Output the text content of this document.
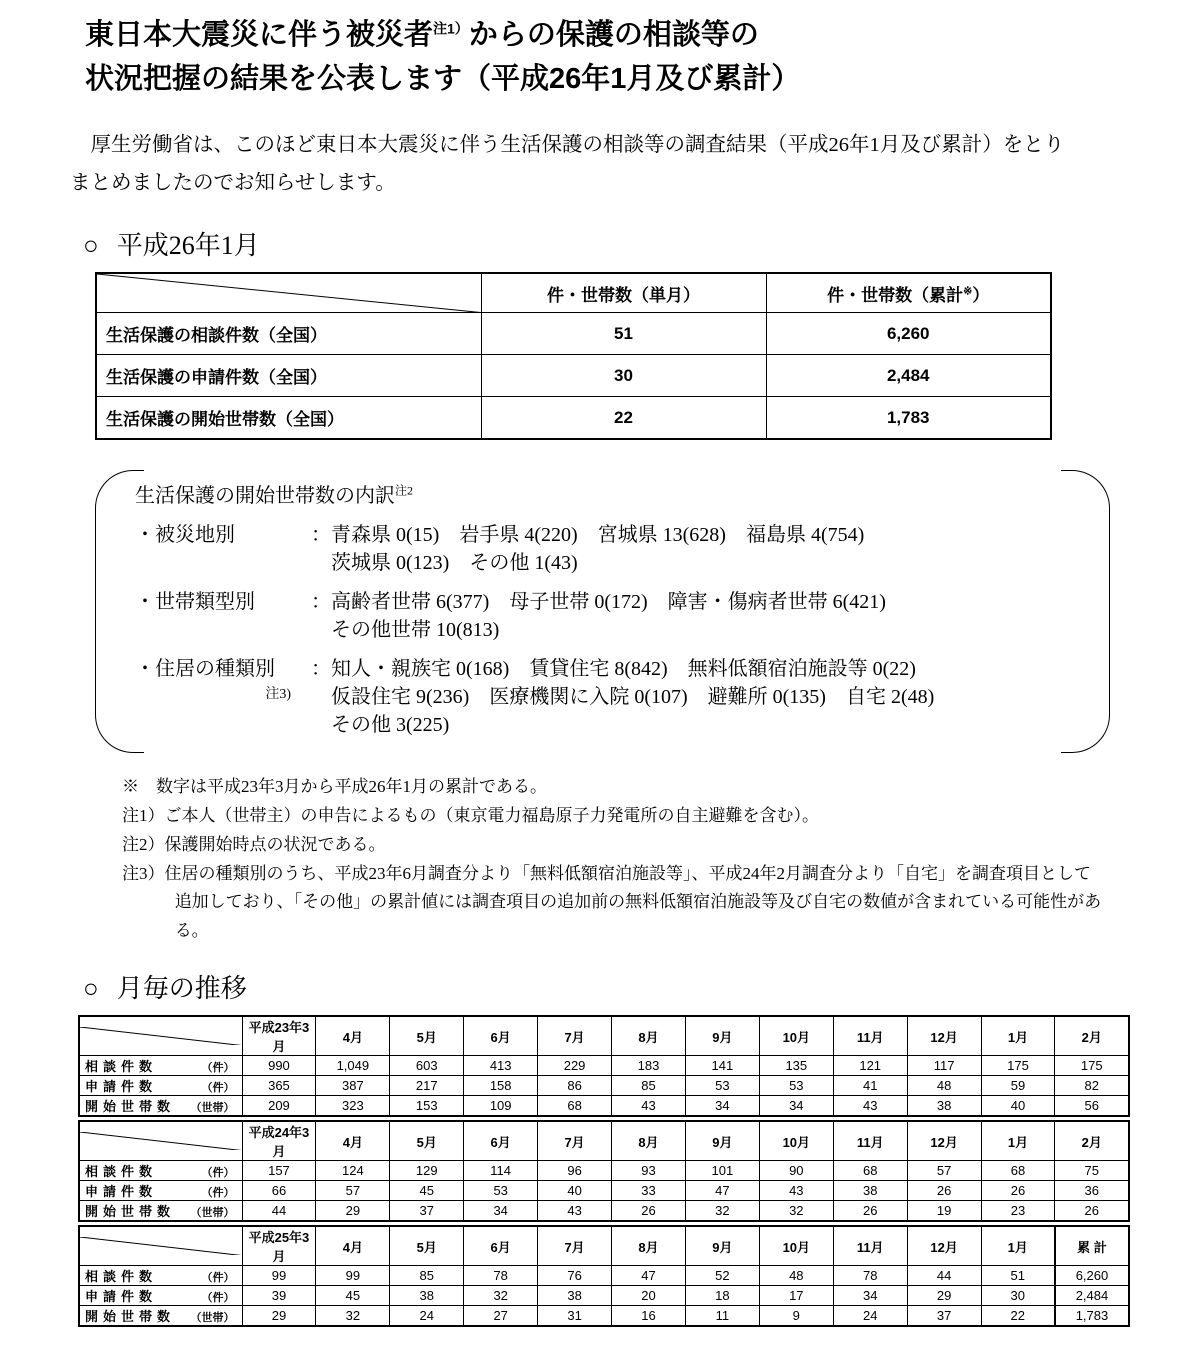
東日本大震災に伴う被災者$^{注1)}$からの保護の相談等の
状況把握の結果を公表します（平成26年1月及び累計）

　厚生労働省は、このほど東日本大震災に伴う生活保護の相談等の調査結果（平成26年1月及び累計）をとりまとめましたのでお知らせします。

○ 平成26年1月
	件・世帯数（単月）	件・世帯数（累計※）
生活保護の相談件数（全国）	51	6,260
生活保護の申請件数（全国）	30	2,484
生活保護の開始世帯数（全国）	22	1,783
生活保護の開始世帯数の内訳$^{注2}$
・被災地別	：青森県 0(15)　岩手県 4(220)　宮城県 13(628)　福島県 4(754)
茨城県 0(123)　その他 1(43)
・世帯類型別	：高齢者世帯 6(377)　母子世帯 0(172)　障害・傷病者世帯 6(421)
その他世帯 10(813)
・住居の種類別
注3)
：知人・親族宅 0(168)　賃貸住宅 8(842)　無料低額宿泊施設等 0(22)
仮設住宅 9(236)　医療機関に入院 0(107)　避難所 0(135)　自宅 2(48)
その他 3(225)
※　数字は平成23年3月から平成26年1月の累計である。
注1）ご本人（世帯主）の申告によるもの（東京電力福島原子力発電所の自主避難を含む）。
注2）保護開始時点の状況である。
注3）住居の種類別のうち、平成23年6月調査分より「無料低額宿泊施設等」、平成24年2月調査分より「自宅」を調査項目として追加しており、「その他」の累計値には調査項目の追加前の無料低額宿泊施設等及び自宅の数値が含まれている可能性がある。
○ 月毎の推移
	平成23年3月	4月	5月	6月	7月	8月	9月	10月	11月	12月	1月	2月

相談件数 （件）	990	1,049	603	413	229	183	141	135	121	117	175	175

申請件数 （件）	365	387	217	158	86	85	53	53	41	48	59	82

開始世帯数 （世帯）	209	323	153	109	68	43	34	34	43	38	40	56
	平成24年3月	4月	5月	6月	7月	8月	9月	10月	11月	12月	1月	2月

相談件数 （件）	157	124	129	114	96	93	101	90	68	57	68	75

申請件数 （件）	66	57	45	53	40	33	47	43	38	26	26	36

開始世帯数 （世帯）	44	29	37	34	43	26	32	32	26	19	23	26
	平成25年3月	4月	5月	6月	7月	8月	9月	10月	11月	12月	1月	累 計

相談件数 （件）	99	99	85	78	76	47	52	48	78	44	51	6,260

申請件数 （件）	39	45	38	32	38	20	18	17	34	29	30	2,484

開始世帯数 （世帯）	29	32	24	27	31	16	11	9	24	37	22	1,783
